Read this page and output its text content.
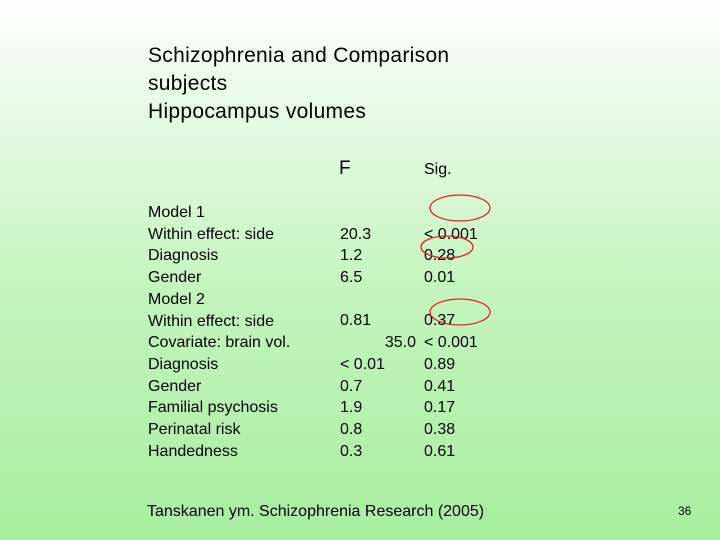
Schizophrenia and Comparison
subjects
Hippocampus volumes
F	Sig.
Model 1
Within effect: side
Diagnosis
Gender
Model 2
Within effect: side
Covariate: brain vol.
Diagnosis
Gender
Familial psychosis
Perinatal risk
Handedness
20.3
1.2
6.5
0.81
35.0
< 0.01
0.7
1.9
0.8
0.3
< 0.001
0.28
0.01
0.37
< 0.001
0.89
0.41
0.17
0.38
0.61
Tanskanen ym. Schizophrenia Research (2005)	36
